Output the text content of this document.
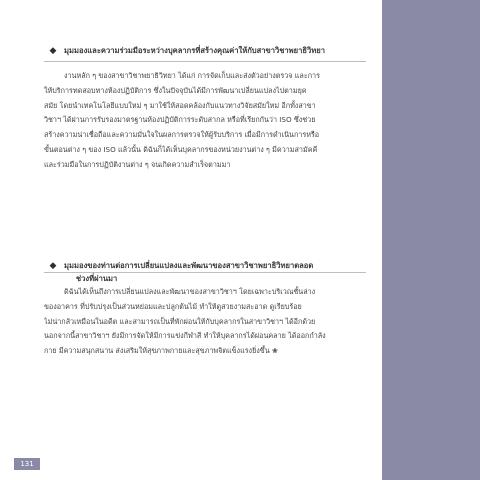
◆ มุมมองและความร่วมมือระหว่างบุคลากรที่สร้างคุณค่าให้กับสาขาวิชาพยาธิวิทยา
งานหลัก ๆ ของสาขาวิชาพยาธิวิทยา ได้แก่ การจัดเก็บและส่งตัวอย่างตรวจ และการ
ให้บริการทดสอบทางห้องปฏิบัติการ ซึ่งในปัจจุบันได้มีการพัฒนาเปลี่ยนแปลงไปตามยุค
สมัย โดยนำเทคโนโลยีแบบใหม่ ๆ มาใช้ให้สอดคล้องกับแนวทางวิจัยสมัยใหม่ อีกทั้งสาขา
วิชาฯ ได้ผ่านการรับรองมาตรฐานห้องปฏิบัติการระดับสากล หรือที่เรียกกันว่า ISO ซึ่งช่วย
สร้างความน่าเชื่อถือและความมั่นใจในผลการตรวจให้ผู้รับบริการ เมื่อมีการดำเนินการหรือ
ขั้นตอนต่าง ๆ ของ ISO แล้วนั้น ดิฉันก็ได้เห็นบุคลากรของหน่วยงานต่าง ๆ มีความสามัคคี
และร่วมมือในการปฏิบัติงานต่าง ๆ จนเกิดความสำเร็จตามมา
◆ มุมมองของท่านต่อการเปลี่ยนแปลงและพัฒนาของสาขาวิชาพยาธิวิทยาตลอด
ช่วงที่ผ่านมา
ดิฉันได้เห็นถึงการเปลี่ยนแปลงและพัฒนาของสาขาวิชาฯ โดยเฉพาะบริเวณชั้นล่าง
ของอาคาร ที่ปรับปรุงเป็นส่วนหย่อมและปลูกต้นไม้ ทำให้ดูสวยงามสะอาด ดูเรียบร้อย
ไม่น่ากลัวเหมือนในอดีต และสามารถเป็นที่พักผ่อนให้กับบุคลากรในสาขาวิชาฯ ได้อีกด้วย
นอกจากนี้สาขาวิชาฯ ยังมีการจัดให้มีการแข่งกีฬาสี ทำให้บุคลากรได้ผ่อนคลาย ได้ออกกำลัง
กาย มีความสนุกสนาน ส่งเสริมให้สุขภาพกายและสุขภาพจิตแข็งแรงยิ่งขึ้น ❀
131
